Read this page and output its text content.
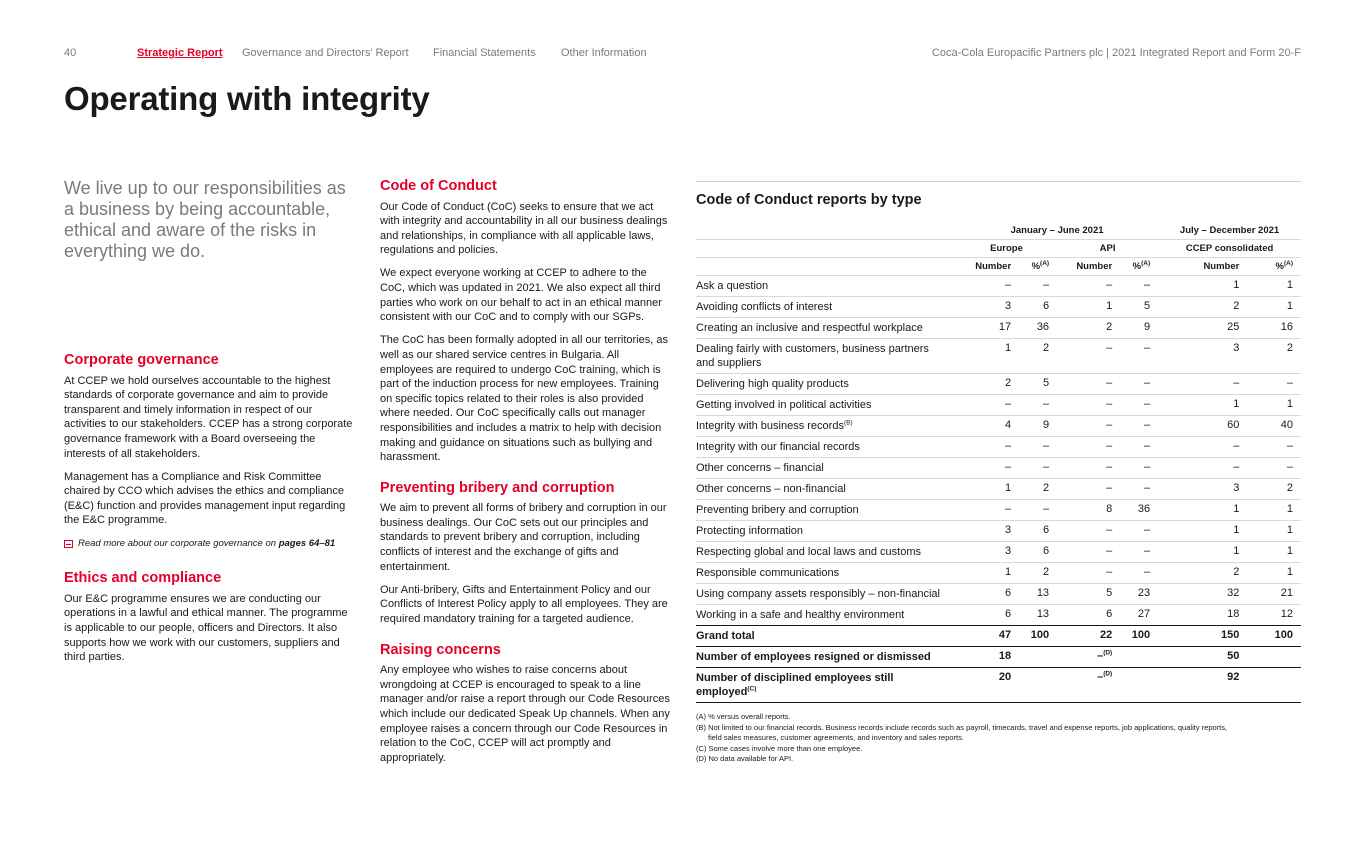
40	Strategic Report Governance and Directors’ Report Financial Statements Other Information	Coca-Cola Europacific Partners plc | 2021 Integrated Report and Form 20-F
Operating with integrity
We live up to our responsibilities as a business by being accountable, ethical and aware of the risks in everything we do.
Corporate governance

At CCEP we hold ourselves accountable to the highest standards of corporate governance and aim to provide transparent and timely information in respect of our activities to our stakeholders. CCEP has a strong corporate governance framework with a Board overseeing the interests of all stakeholders.

Management has a Compliance and Risk Committee chaired by CCO which advises the ethics and compliance (E&C) function and provides management input regarding the E&C programme.

Read more about our corporate governance on pages 64–81
Ethics and compliance

Our E&C programme ensures we are conducting our operations in a lawful and ethical manner. The programme is applicable to our people, officers and Directors. It also supports how we work with our customers, suppliers and third parties.

Code of Conduct

Our Code of Conduct (CoC) seeks to ensure that we act with integrity and accountability in all our business dealings and relationships, in compliance with all applicable laws, regulations and policies.

We expect everyone working at CCEP to adhere to the CoC, which was updated in 2021. We also expect all third parties who work on our behalf to act in an ethical manner consistent with our CoC and to comply with our SGPs.

The CoC has been formally adopted in all our territories, as well as our shared service centres in Bulgaria. All employees are required to undergo CoC training, which is part of the induction process for new employees. Training on specific topics related to their roles is also provided where needed. Our CoC specifically calls out manager responsibilities and includes a matrix to help with decision making and guidance on situations such as bullying and harassment.

Preventing bribery and corruption

We aim to prevent all forms of bribery and corruption in our business dealings. Our CoC sets out our principles and standards to prevent bribery and corruption, including conflicts of interest and the exchange of gifts and entertainment.

Our Anti-bribery, Gifts and Entertainment Policy and our Conflicts of Interest Policy apply to all employees. They are required mandatory training for a targeted audience.

Raising concerns

Any employee who wishes to raise concerns about wrongdoing at CCEP is encouraged to speak to a line manager and/or raise a report through our Code Resources which include our dedicated Speak Up channels. When any employee raises a concern through our Code Resources in relation to the CoC, CCEP will act promptly and appropriately.

Code of Conduct reports by type
	January – June 2021				July – December 2021	
	Europe		API		CCEP consolidated	
	Number	%$^{(A)}$	Number	%$^{(A)}$	Number	%$^{(A)}$
Ask a question	–	–	–	–	1	1
Avoiding conflicts of interest	3	6	1	5	2	1
Creating an inclusive and respectful workplace	17	36	2	9	25	16
Dealing fairly with customers, business partners and suppliers	1	2	–	–	3	2
Delivering high quality products	2	5	–	–	–	–
Getting involved in political activities	–	–	–	–	1	1
Integrity with business records$^{(B)}$	4	9	–	–	60	40
Integrity with our financial records	–	–	–	–	–	–
Other concerns – financial	–	–	–	–	–	–
Other concerns – non-financial	1	2	–	–	3	2
Preventing bribery and corruption	–	–	8	36	1	1
Protecting information	3	6	–	–	1	1
Respecting global and local laws and customs	3	6	–	–	1	1
Responsible communications	1	2	–	–	2	1
Using company assets responsibly – non-financial	6	13	5	23	32	21
Working in a safe and healthy environment	6	13	6	27	18	12
Grand total	47	100	22	100	150	100
Number of employees resigned or dismissed	18		–$^{(D)}$		50	
Number of disciplined employees still employed$^{(C)}$	20		–$^{(D)}$		92	
(A) % versus overall reports.
(B) Not limited to our financial records. Business records include records such as payroll, timecards, travel and expense reports, job applications, quality reports,
field sales measures, customer agreements, and inventory and sales reports.
(C) Some cases involve more than one employee.
(D) No data available for API.
